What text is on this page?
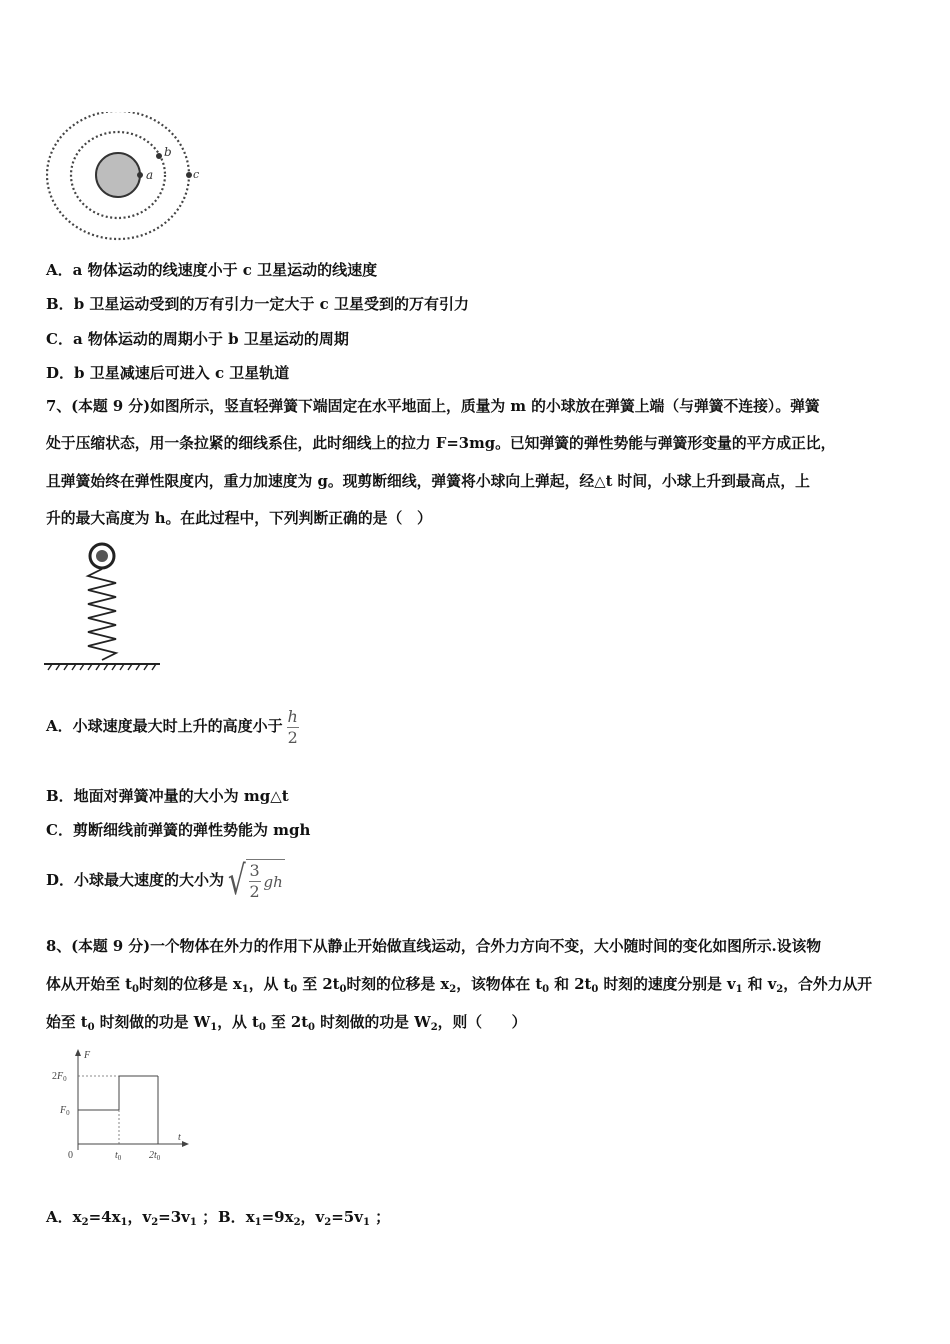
a
b
c
A．a 物体运动的线速度小于 c 卫星运动的线速度
B．b 卫星运动受到的万有引力一定大于 c 卫星受到的万有引力
C．a 物体运动的周期小于 b 卫星运动的周期
D．b 卫星减速后可进入 c 卫星轨道
7、(本题 9 分)如图所示，竖直轻弹簧下端固定在水平地面上，质量为 m 的小球放在弹簧上端（与弹簧不连接）。弹簧
处于压缩状态，用一条拉紧的细线系住，此时细线上的拉力 F=3mg。已知弹簧的弹性势能与弹簧形变量的平方成正比，
且弹簧始终在弹性限度内，重力加速度为 g。现剪断细线，弹簧将小球向上弹起，经△t 时间，小球上升到最高点，上
升的最大高度为 h。在此过程中，下列判断正确的是（　）
A．小球速度最大时上升的高度小于 $\frac{h}{2}$
B．地面对弹簧冲量的大小为 mg△t
C．剪断细线前弹簧的弹性势能为 mgh
D．小球最大速度的大小为 √ $\frac{3}{2}$ gh
8、(本题 9 分)一个物体在外力的作用下从静止开始做直线运动，合外力方向不变，大小随时间的变化如图所示.设该物
体从开始至 $t_0$时刻的位移是 $x_1$，从 $t_0$ 至 $2t_0$时刻的位移是 $x_2$，该物体在 $t_0$ 和 $2t_0$ 时刻的速度分别是 $v_1$ 和 $v_2$，合外力从开
始至 $t_0$ 时刻做的功是 $W_1$，从 $t_0$ 至 $2t_0$ 时刻做的功是 $W_2$，则（　　）
F
t
$2F_0$
$F_0$
0	$t_0$	$2t_0$
A．$x_2=4x_1$，$v_2=3v_1$ ； B．$x_1=9x_2$，$v_2=5v_1$ ；
